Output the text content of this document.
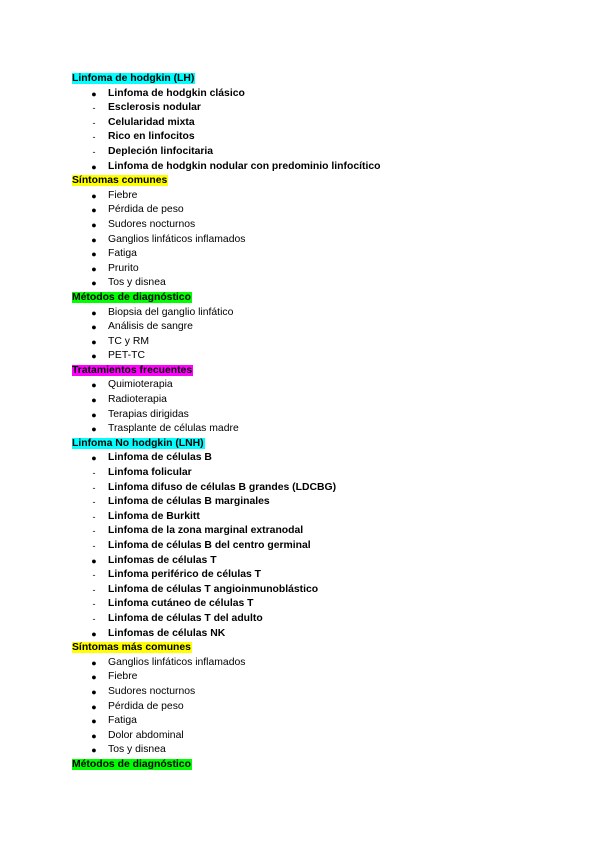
Linfoma de hodgkin (LH)
● Linfoma de hodgkin clásico
-	Esclerosis nodular
-	Celularidad mixta
-	Rico en linfocitos
-	Depleción linfocitaria
● Linfoma de hodgkin nodular con predominio linfocítico
Síntomas comunes
● Fiebre
● Pérdida de peso
● Sudores nocturnos
● Ganglios linfáticos inflamados
● Fatiga
● Prurito
● Tos y disnea
Métodos de diagnóstico
● Biopsia del ganglio linfático
● Análisis de sangre
● TC y RM
● PET-TC
Tratamientos frecuentes
● Quimioterapia
● Radioterapia
● Terapias dirigidas
● Trasplante de células madre
Linfoma No hodgkin (LNH)
● Linfoma de células B
-	Linfoma folicular
-	Linfoma difuso de células B grandes (LDCBG)
-	Linfoma de células B marginales
-	Linfoma de Burkitt
-	Linfoma de la zona marginal extranodal
-	Linfoma de células B del centro germinal
● Linfomas de células T
-	Linfoma periférico de células T
-	Linfoma de células T angioinmunoblástico
-	Linfoma cutáneo de células T
-	Linfoma de células T del adulto
● Linfomas de células NK
Síntomas más comunes
● Ganglios linfáticos inflamados
● Fiebre
● Sudores nocturnos
● Pérdida de peso
● Fatiga
● Dolor abdominal
● Tos y disnea
Métodos de diagnóstico
